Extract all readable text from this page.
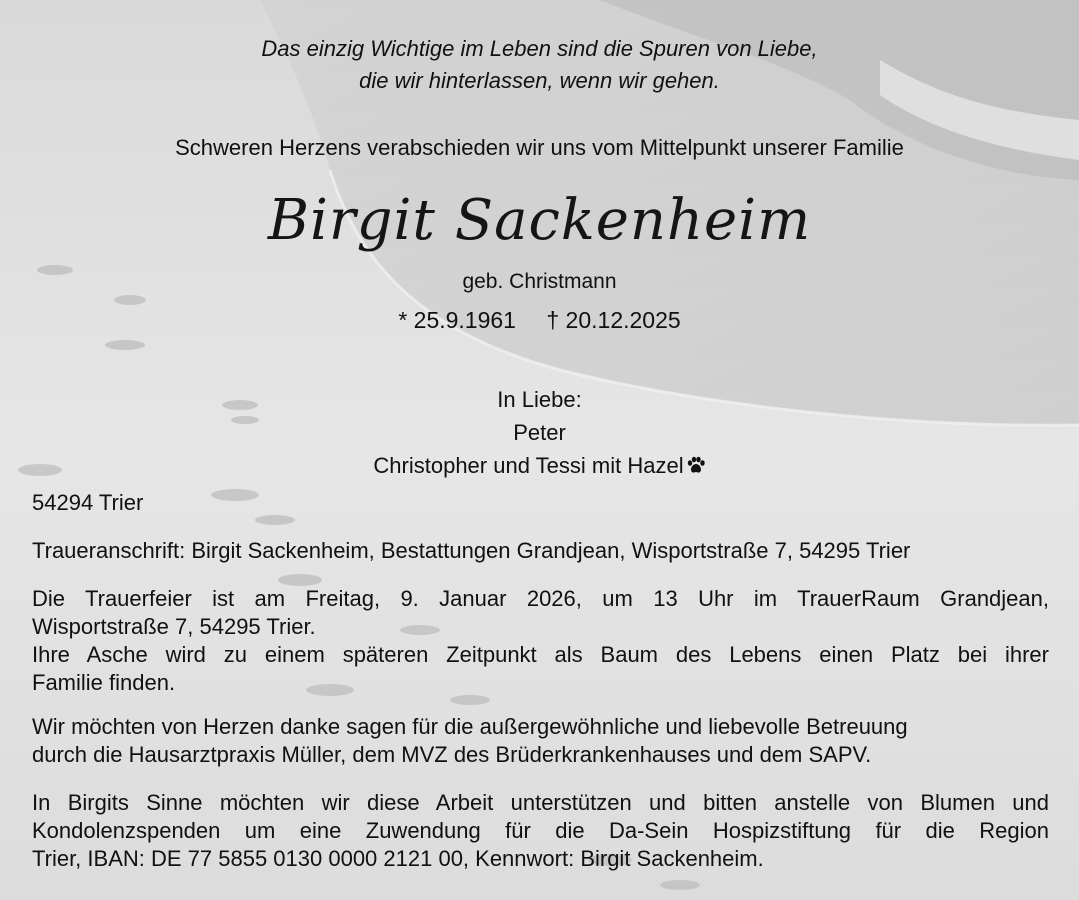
Das einzig Wichtige im Leben sind die Spuren von Liebe,
die wir hinterlassen, wenn wir gehen.
Schweren Herzens verabschieden wir uns vom Mittelpunkt unserer Familie
Birgit Sackenheim
geb. Christmann
* 25.9.1961 † 20.12.2025
In Liebe:
Peter
Christopher und Tessi mit Hazel
54294 Trier
Traueranschrift: Birgit Sackenheim, Bestattungen Grandjean, Wisportstraße 7, 54295 Trier
Die Trauerfeier ist am Freitag, 9. Januar 2026, um 13 Uhr im TrauerRaum Grandjean,
Wisportstraße 7, 54295 Trier.
Ihre Asche wird zu einem späteren Zeitpunkt als Baum des Lebens einen Platz bei ihrer
Familie finden.
Wir möchten von Herzen danke sagen für die außergewöhnliche und liebevolle Betreuung
durch die Hausarztpraxis Müller, dem MVZ des Brüderkrankenhauses und dem SAPV.
In Birgits Sinne möchten wir diese Arbeit unterstützen und bitten anstelle von Blumen und
Kondolenzspenden um eine Zuwendung für die Da-Sein Hospizstiftung für die Region
Trier, IBAN: DE 77 5855 0130 0000 2121 00, Kennwort: Birgit Sackenheim.
